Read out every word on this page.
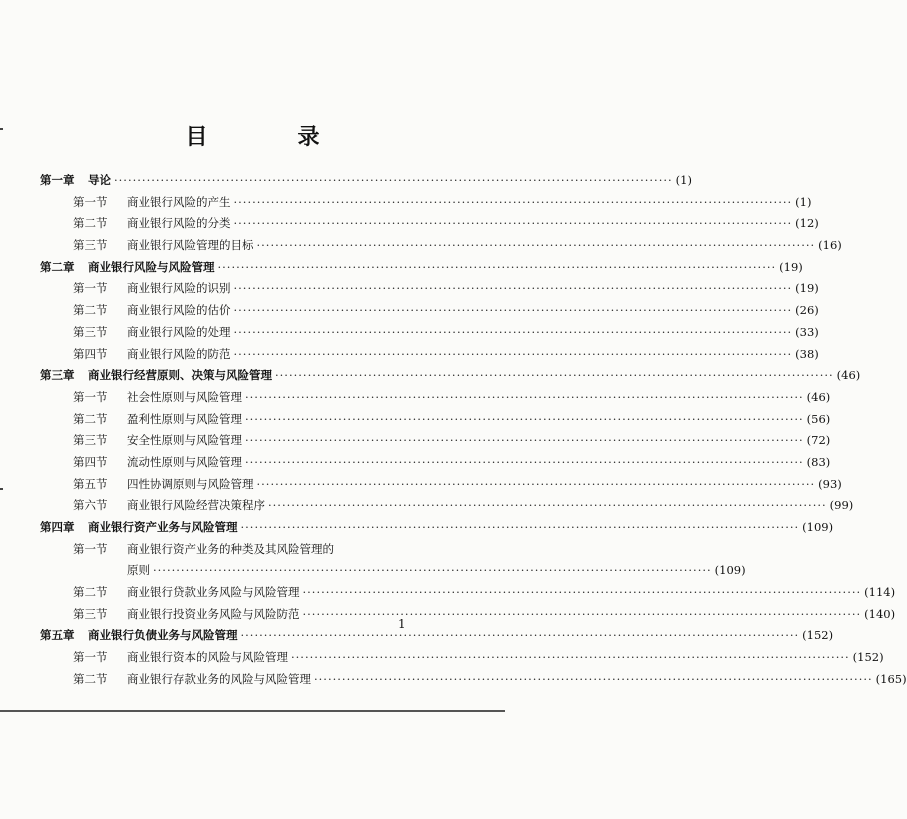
目　录
第一章	导论 ························································································································ (1)
第一节	商业银行风险的产生 ························································································································ (1)
第二节	商业银行风险的分类 ························································································································ (12)
第三节	商业银行风险管理的目标 ························································································································ (16)
第二章	商业银行风险与风险管理 ························································································································ (19)
第一节	商业银行风险的识别 ························································································································ (19)
第二节	商业银行风险的估价 ························································································································ (26)
第三节	商业银行风险的处理 ························································································································ (33)
第四节	商业银行风险的防范 ························································································································ (38)
第三章	商业银行经营原则、决策与风险管理 ························································································································ (46)
第一节	社会性原则与风险管理 ························································································································ (46)
第二节	盈利性原则与风险管理 ························································································································ (56)
第三节	安全性原则与风险管理 ························································································································ (72)
第四节	流动性原则与风险管理 ························································································································ (83)
第五节	四性协调原则与风险管理 ························································································································ (93)
第六节	商业银行风险经营决策程序 ························································································································ (99)
第四章	商业银行资产业务与风险管理 ························································································································ (109)
第一节	商业银行资产业务的种类及其风险管理的
原则 ························································································································ (109)
第二节	商业银行贷款业务风险与风险管理 ························································································································ (114)
第三节	商业银行投资业务风险与风险防范 ························································································································ (140)
第五章	商业银行负债业务与风险管理 ························································································································ (152)
第一节	商业银行资本的风险与风险管理 ························································································································ (152)
第二节	商业银行存款业务的风险与风险管理 ························································································································ (165)
1
